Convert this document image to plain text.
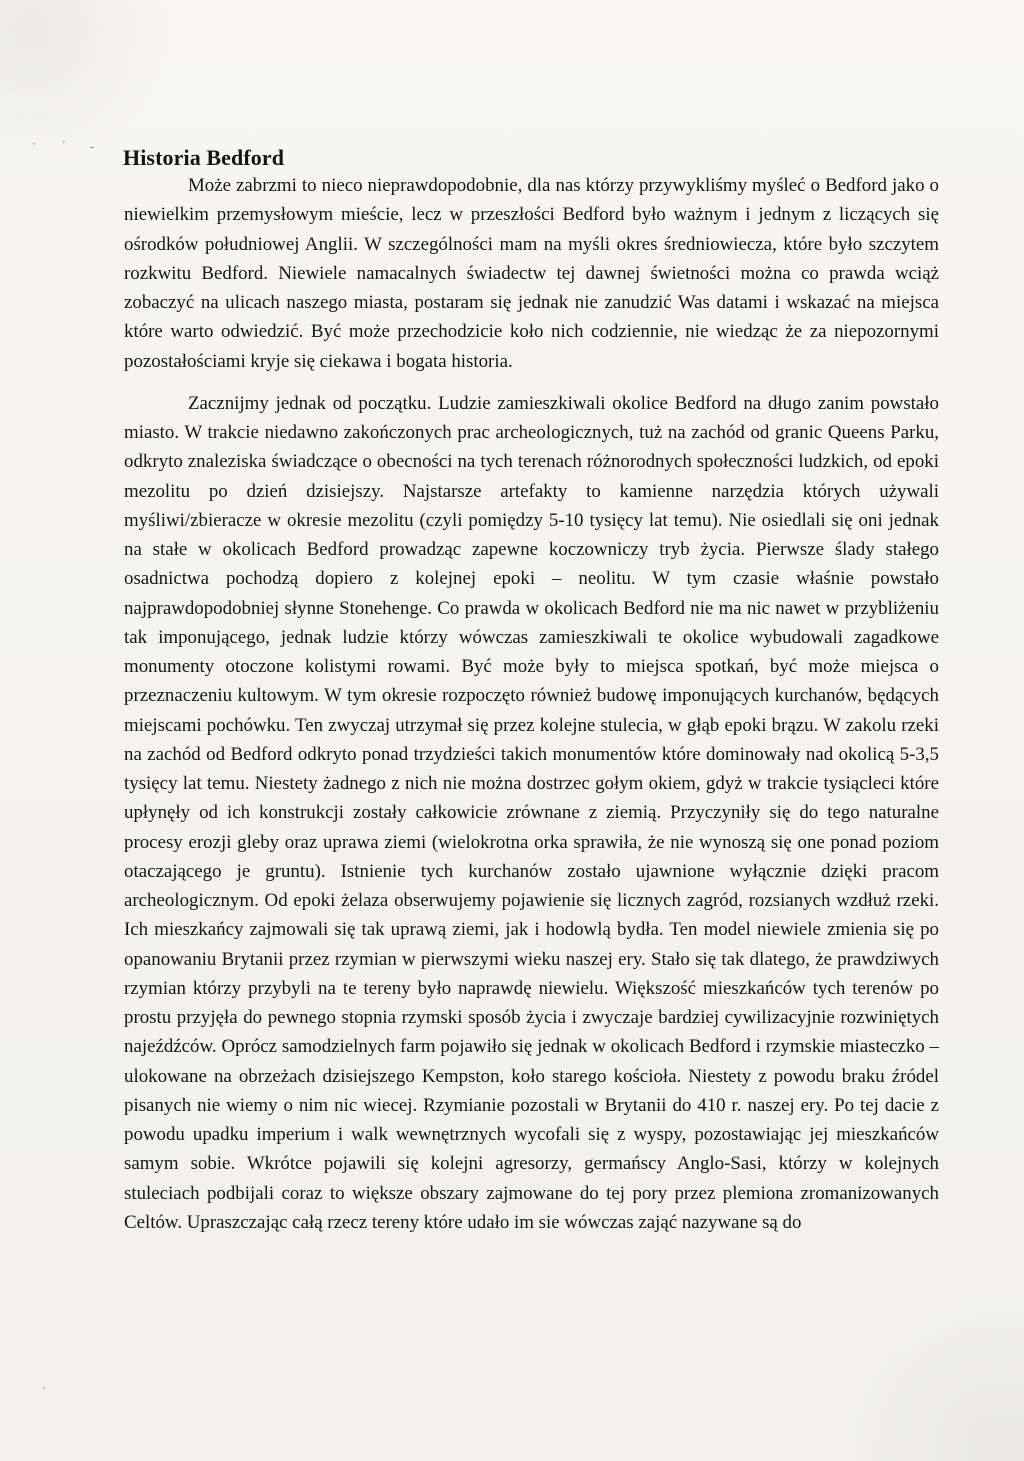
·	·	-
·
Historia Bedford

Może zabrzmi to nieco nieprawdopodobnie, dla nas którzy przywykliśmy myśleć o Bedford jako o niewielkim przemysłowym mieście, lecz w przeszłości Bedford było ważnym i jednym z liczących się ośrodków południowej Anglii. W szczególności mam na myśli okres średniowiecza, które było szczytem rozkwitu Bedford. Niewiele namacalnych świadectw tej dawnej świetności można co prawda wciąż zobaczyć na ulicach naszego miasta, postaram się jednak nie zanudzić Was datami i wskazać na miejsca które warto odwiedzić. Być może przechodzicie koło nich codziennie, nie wiedząc że za niepozornymi pozostałościami kryje się ciekawa i bogata historia.

Zacznijmy jednak od początku. Ludzie zamieszkiwali okolice Bedford na długo zanim powstało miasto. W trakcie niedawno zakończonych prac archeologicznych, tuż na zachód od granic Queens Parku, odkryto znaleziska świadczące o obecności na tych terenach różnorodnych społeczności ludzkich, od epoki mezolitu po dzień dzisiejszy. Najstarsze artefakty to kamienne narzędzia których używali myśliwi/zbieracze w okresie mezolitu (czyli pomiędzy 5-10 tysięcy lat temu). Nie osiedlali się oni jednak na stałe w okolicach Bedford prowadząc zapewne koczowniczy tryb życia. Pierwsze ślady stałego osadnictwa pochodzą dopiero z kolejnej epoki – neolitu. W tym czasie właśnie powstało najprawdopodobniej słynne Stonehenge. Co prawda w okolicach Bedford nie ma nic nawet w przybliżeniu tak imponującego, jednak ludzie którzy wówczas zamieszkiwali te okolice wybudowali zagadkowe monumenty otoczone kolistymi rowami. Być może były to miejsca spotkań, być może miejsca o przeznaczeniu kultowym. W tym okresie rozpoczęto również budowę imponujących kurchanów, będących miejscami pochówku. Ten zwyczaj utrzymał się przez kolejne stulecia, w głąb epoki brązu. W zakolu rzeki na zachód od Bedford odkryto ponad trzydzieści takich monumentów które dominowały nad okolicą 5-3,5 tysięcy lat temu. Niestety żadnego z nich nie można dostrzec gołym okiem, gdyż w trakcie tysiącleci które upłynęły od ich konstrukcji zostały całkowicie zrównane z ziemią. Przyczyniły się do tego naturalne procesy erozji gleby oraz uprawa ziemi (wielokrotna orka sprawiła, że nie wynoszą się one ponad poziom otaczającego je gruntu). Istnienie tych kurchanów zostało ujawnione wyłącznie dzięki pracom archeologicznym. Od epoki żelaza obserwujemy pojawienie się licznych zagród, rozsianych wzdłuż rzeki. Ich mieszkańcy zajmowali się tak uprawą ziemi, jak i hodowlą bydła. Ten model niewiele zmienia się po opanowaniu Brytanii przez rzymian w pierwszymi wieku naszej ery. Stało się tak dlatego, że prawdziwych rzymian którzy przybyli na te tereny było naprawdę niewielu. Większość mieszkańców tych terenów po prostu przyjęła do pewnego stopnia rzymski sposób życia i zwyczaje bardziej cywilizacyjnie rozwiniętych najeźdźców. Oprócz samodzielnych farm pojawiło się jednak w okolicach Bedford i rzymskie miasteczko – ulokowane na obrzeżach dzisiejszego Kempston, koło starego kościoła. Niestety z powodu braku źródel pisanych nie wiemy o nim nic wiecej. Rzymianie pozostali w Brytanii do 410 r. naszej ery. Po tej dacie z powodu upadku imperium i walk wewnętrznych wycofali się z wyspy, pozostawiając jej mieszkańców samym sobie. Wkrótce pojawili się kolejni agresorzy, germańscy Anglo-Sasi, którzy w kolejnych stuleciach podbijali coraz to większe obszary zajmowane do tej pory przez plemiona zromanizowanych Celtów. Upraszczając całą rzecz tereny które udało im sie wówczas zająć nazywane są do
